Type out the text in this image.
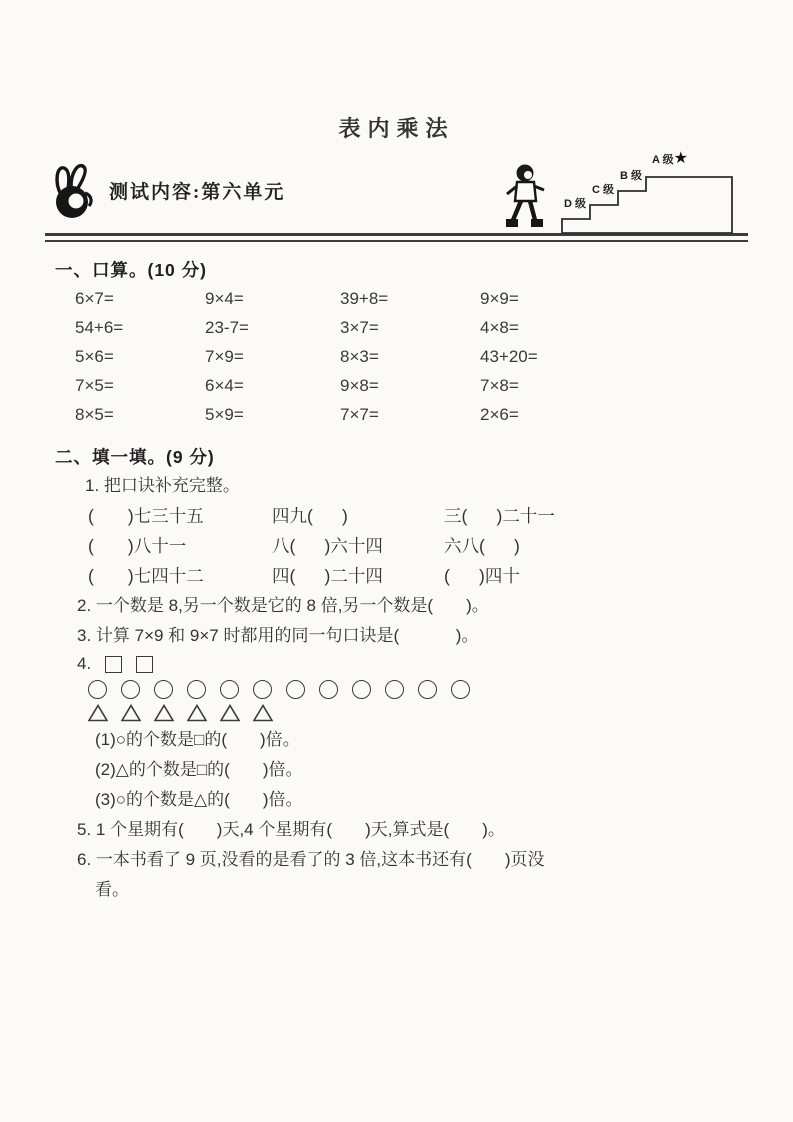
表内乘法
测试内容:第六单元
D 级
C 级
B 级
A 级★
一、口算。(10 分)
6×7=	9×4=	39+8=	9×9=
54+6=	23-7=	3×7=	4×8=
5×6=	7×9=	8×3=	43+20=
7×5=	6×4=	9×8=	7×8=
8×5=	5×9=	7×7=	2×6=
二、填一填。(9 分)
1. 把口诀补充完整。
(       )七三十五	四九(      )	三(      )二十一
(       )八十一	八(      )六十四	六八(      )
(       )七四十二	四(      )二十四	(      )四十
2. 一个数是 8,另一个数是它的 8 倍,另一个数是(       )。
3. 计算 7×9 和 9×7 时都用的同一句口诀是(            )。
4.
(1)○的个数是□的(       )倍。
(2)△的个数是□的(       )倍。
(3)○的个数是△的(       )倍。
5. 1 个星期有(       )天,4 个星期有(       )天,算式是(       )。
6. 一本书看了 9 页,没看的是看了的 3 倍,这本书还有(       )页没
看。
